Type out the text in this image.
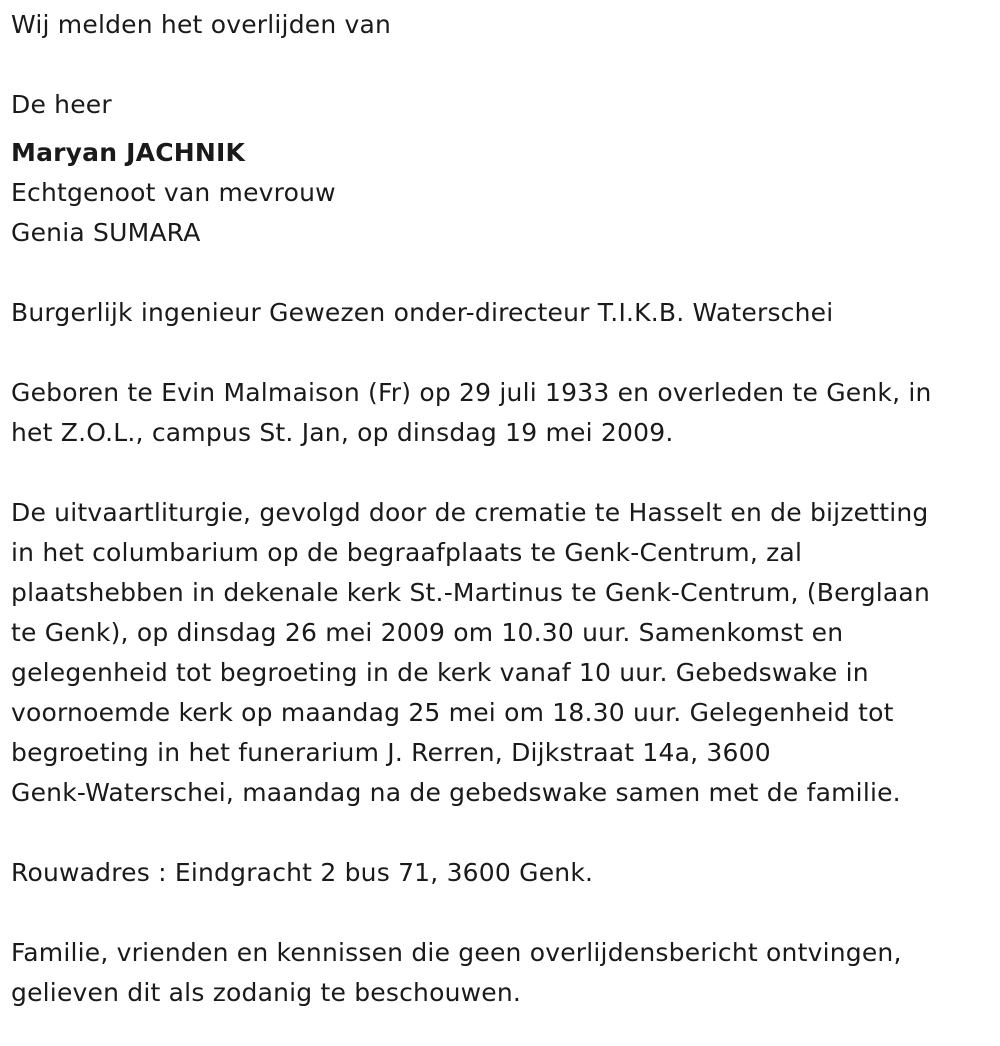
Wij melden het overlijden van
De heer
Maryan JACHNIK
Echtgenoot van mevrouw
Genia SUMARA
Burgerlijk ingenieur Gewezen onder-directeur T.I.K.B. Waterschei
Geboren te Evin Malmaison (Fr) op 29 juli 1933 en overleden te Genk, in
het Z.O.L., campus St. Jan, op dinsdag 19 mei 2009.
De uitvaartliturgie, gevolgd door de crematie te Hasselt en de bijzetting
in het columbarium op de begraafplaats te Genk-Centrum, zal
plaatshebben in dekenale kerk St.-Martinus te Genk-Centrum, (Berglaan
te Genk), op dinsdag 26 mei 2009 om 10.30 uur. Samenkomst en
gelegenheid tot begroeting in de kerk vanaf 10 uur. Gebedswake in
voornoemde kerk op maandag 25 mei om 18.30 uur. Gelegenheid tot
begroeting in het funerarium J. Rerren, Dijkstraat 14a, 3600
Genk-Waterschei, maandag na de gebedswake samen met de familie.
Rouwadres : Eindgracht 2 bus 71, 3600 Genk.
Familie, vrienden en kennissen die geen overlijdensbericht ontvingen,
gelieven dit als zodanig te beschouwen.
